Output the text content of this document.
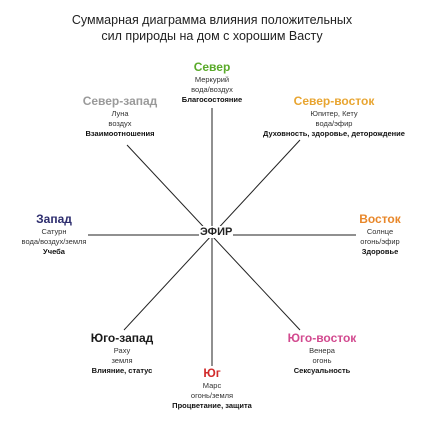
Суммарная диаграмма влияния положительных
сил природы на дом с хорошим Васту
ЭФИР
Север
Меркурий
вода/воздух
Благосостояние	Север-восток
Юпитер, Кету
вода/эфир
Духовность, здоровье, деторождение
Север-запад
Луна
воздух
Взаимоотношения
Запад
Сатурн
вода/воздух/земля
Учеба
Восток
Солнце
огонь/эфир
Здоровье
Юго-запад
Раху
земля
Влияние, статус
Юго-восток
Венера
огонь
Сексуальность
Юг
Марс
огонь/земля
Процветание, защита
